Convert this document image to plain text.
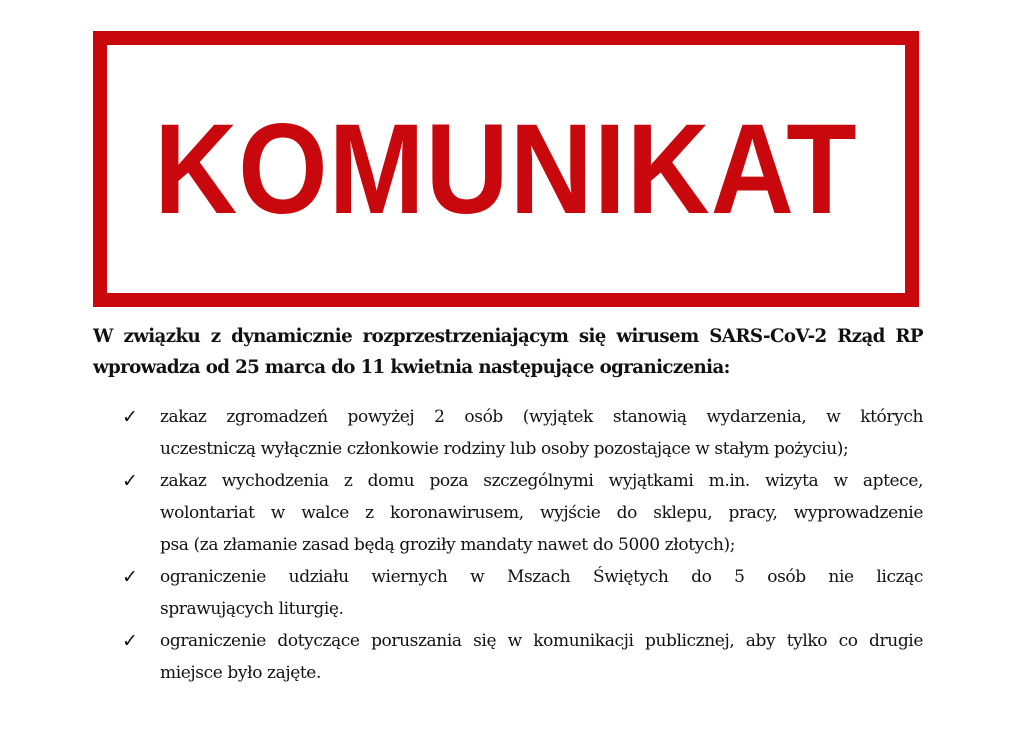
KOMUNIKAT
W związku z dynamicznie rozprzestrzeniającym się wirusem SARS-CoV-2 Rząd RP
wprowadza od 25 marca do 11 kwietnia następujące ograniczenia:
✓	zakaz zgromadzeń powyżej 2 osób (wyjątek stanowią wydarzenia, w których
uczestniczą wyłącznie członkowie rodziny lub osoby pozostające w stałym pożyciu);
✓	zakaz wychodzenia z domu poza szczególnymi wyjątkami m.in. wizyta w aptece,
wolontariat w walce z koronawirusem, wyjście do sklepu, pracy, wyprowadzenie
psa (za złamanie zasad będą groziły mandaty nawet do 5000 złotych);
✓	ograniczenie udziału wiernych w Mszach Świętych do 5 osób nie licząc
sprawujących liturgię.
✓	ograniczenie dotyczące poruszania się w komunikacji publicznej, aby tylko co drugie
miejsce było zajęte.
